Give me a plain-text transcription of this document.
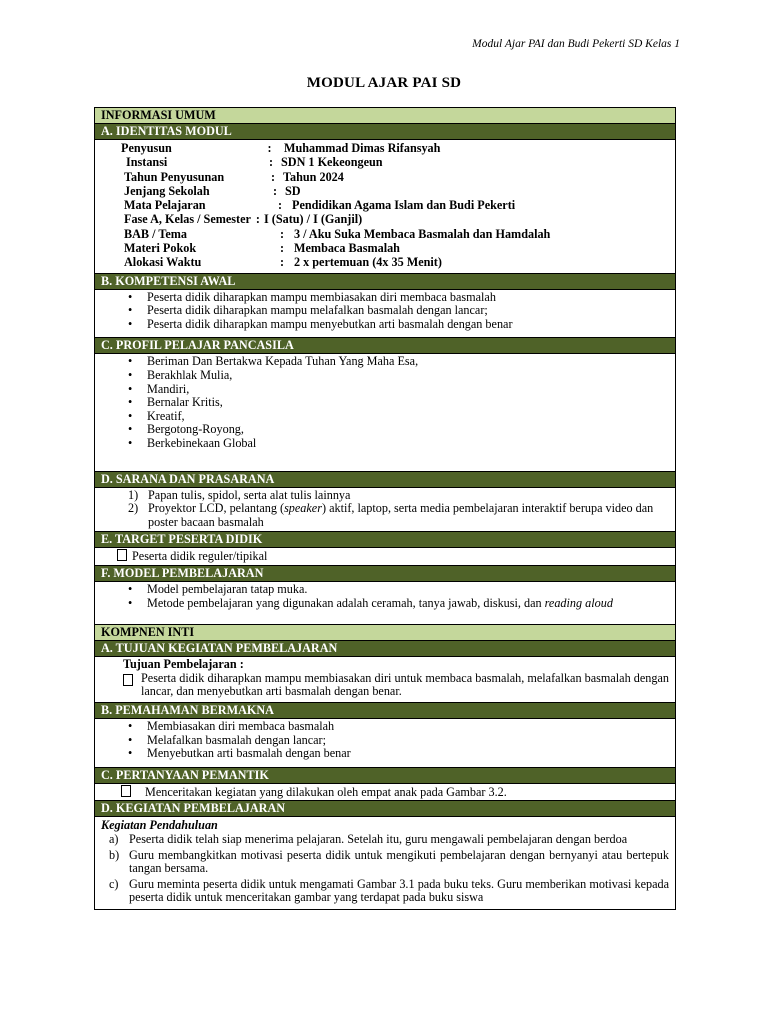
Modul Ajar PAI dan Budi Pekerti SD Kelas 1
MODUL AJAR PAI SD
INFORMASI UMUM
A. IDENTITAS MODUL
Penyusun	:	Muhammad Dimas Rifansyah
Instansi	: SDN 1 Kekeongeun
Tahun Penyusunan	: Tahun 2024
Jenjang Sekolah	: SD
Mata Pelajaran	: Pendidikan Agama Islam dan Budi Pekerti
Fase A, Kelas / Semester : I (Satu) / I (Ganjil)
BAB / Tema	: 3 / Aku Suka Membaca Basmalah dan Hamdalah
Materi Pokok	: Membaca Basmalah
Alokasi Waktu	: 2 x pertemuan (4x 35 Menit)
B. KOMPETENSI AWAL
• Peserta didik diharapkan mampu membiasakan diri membaca basmalah
• Peserta didik diharapkan mampu melafalkan basmalah dengan lancar;
• Peserta didik diharapkan mampu menyebutkan arti basmalah dengan benar
C. PROFIL PELAJAR PANCASILA
• Beriman Dan Bertakwa Kepada Tuhan Yang Maha Esa,
• Berakhlak Mulia,
• Mandiri,
• Bernalar Kritis,
• Kreatif,
• Bergotong-Royong,
• Berkebinekaan Global
D. SARANA DAN PRASARANA
1) Papan tulis, spidol, serta alat tulis lainnya
2) Proyektor LCD, pelantang (speaker) aktif, laptop, serta media pembelajaran interaktif berupa video dan poster bacaan basmalah
E. TARGET PESERTA DIDIK
Peserta didik reguler/tipikal
F. MODEL PEMBELAJARAN
• Model pembelajaran tatap muka.
• Metode pembelajaran yang digunakan adalah ceramah, tanya jawab, diskusi, dan reading aloud
KOMPNEN INTI
A. TUJUAN KEGIATAN PEMBELAJARAN
Tujuan Pembelajaran :
Peserta didik diharapkan mampu membiasakan diri untuk membaca basmalah, melafalkan basmalah dengan lancar, dan menyebutkan arti basmalah dengan benar.
B. PEMAHAMAN BERMAKNA
• Membiasakan diri membaca basmalah
• Melafalkan basmalah dengan lancar;
• Menyebutkan arti basmalah dengan benar
C. PERTANYAAN PEMANTIK
Menceritakan kegiatan yang dilakukan oleh empat anak pada Gambar 3.2.
D. KEGIATAN PEMBELAJARAN
Kegiatan Pendahuluan
a) Peserta didik telah siap menerima pelajaran. Setelah itu, guru mengawali pembelajaran dengan berdoa
b) Guru membangkitkan motivasi peserta didik untuk mengikuti pembelajaran dengan bernyanyi atau bertepuk tangan bersama.
c) Guru meminta peserta didik untuk mengamati Gambar 3.1 pada buku teks. Guru memberikan motivasi kepada peserta didik untuk menceritakan gambar yang terdapat pada buku siswa
